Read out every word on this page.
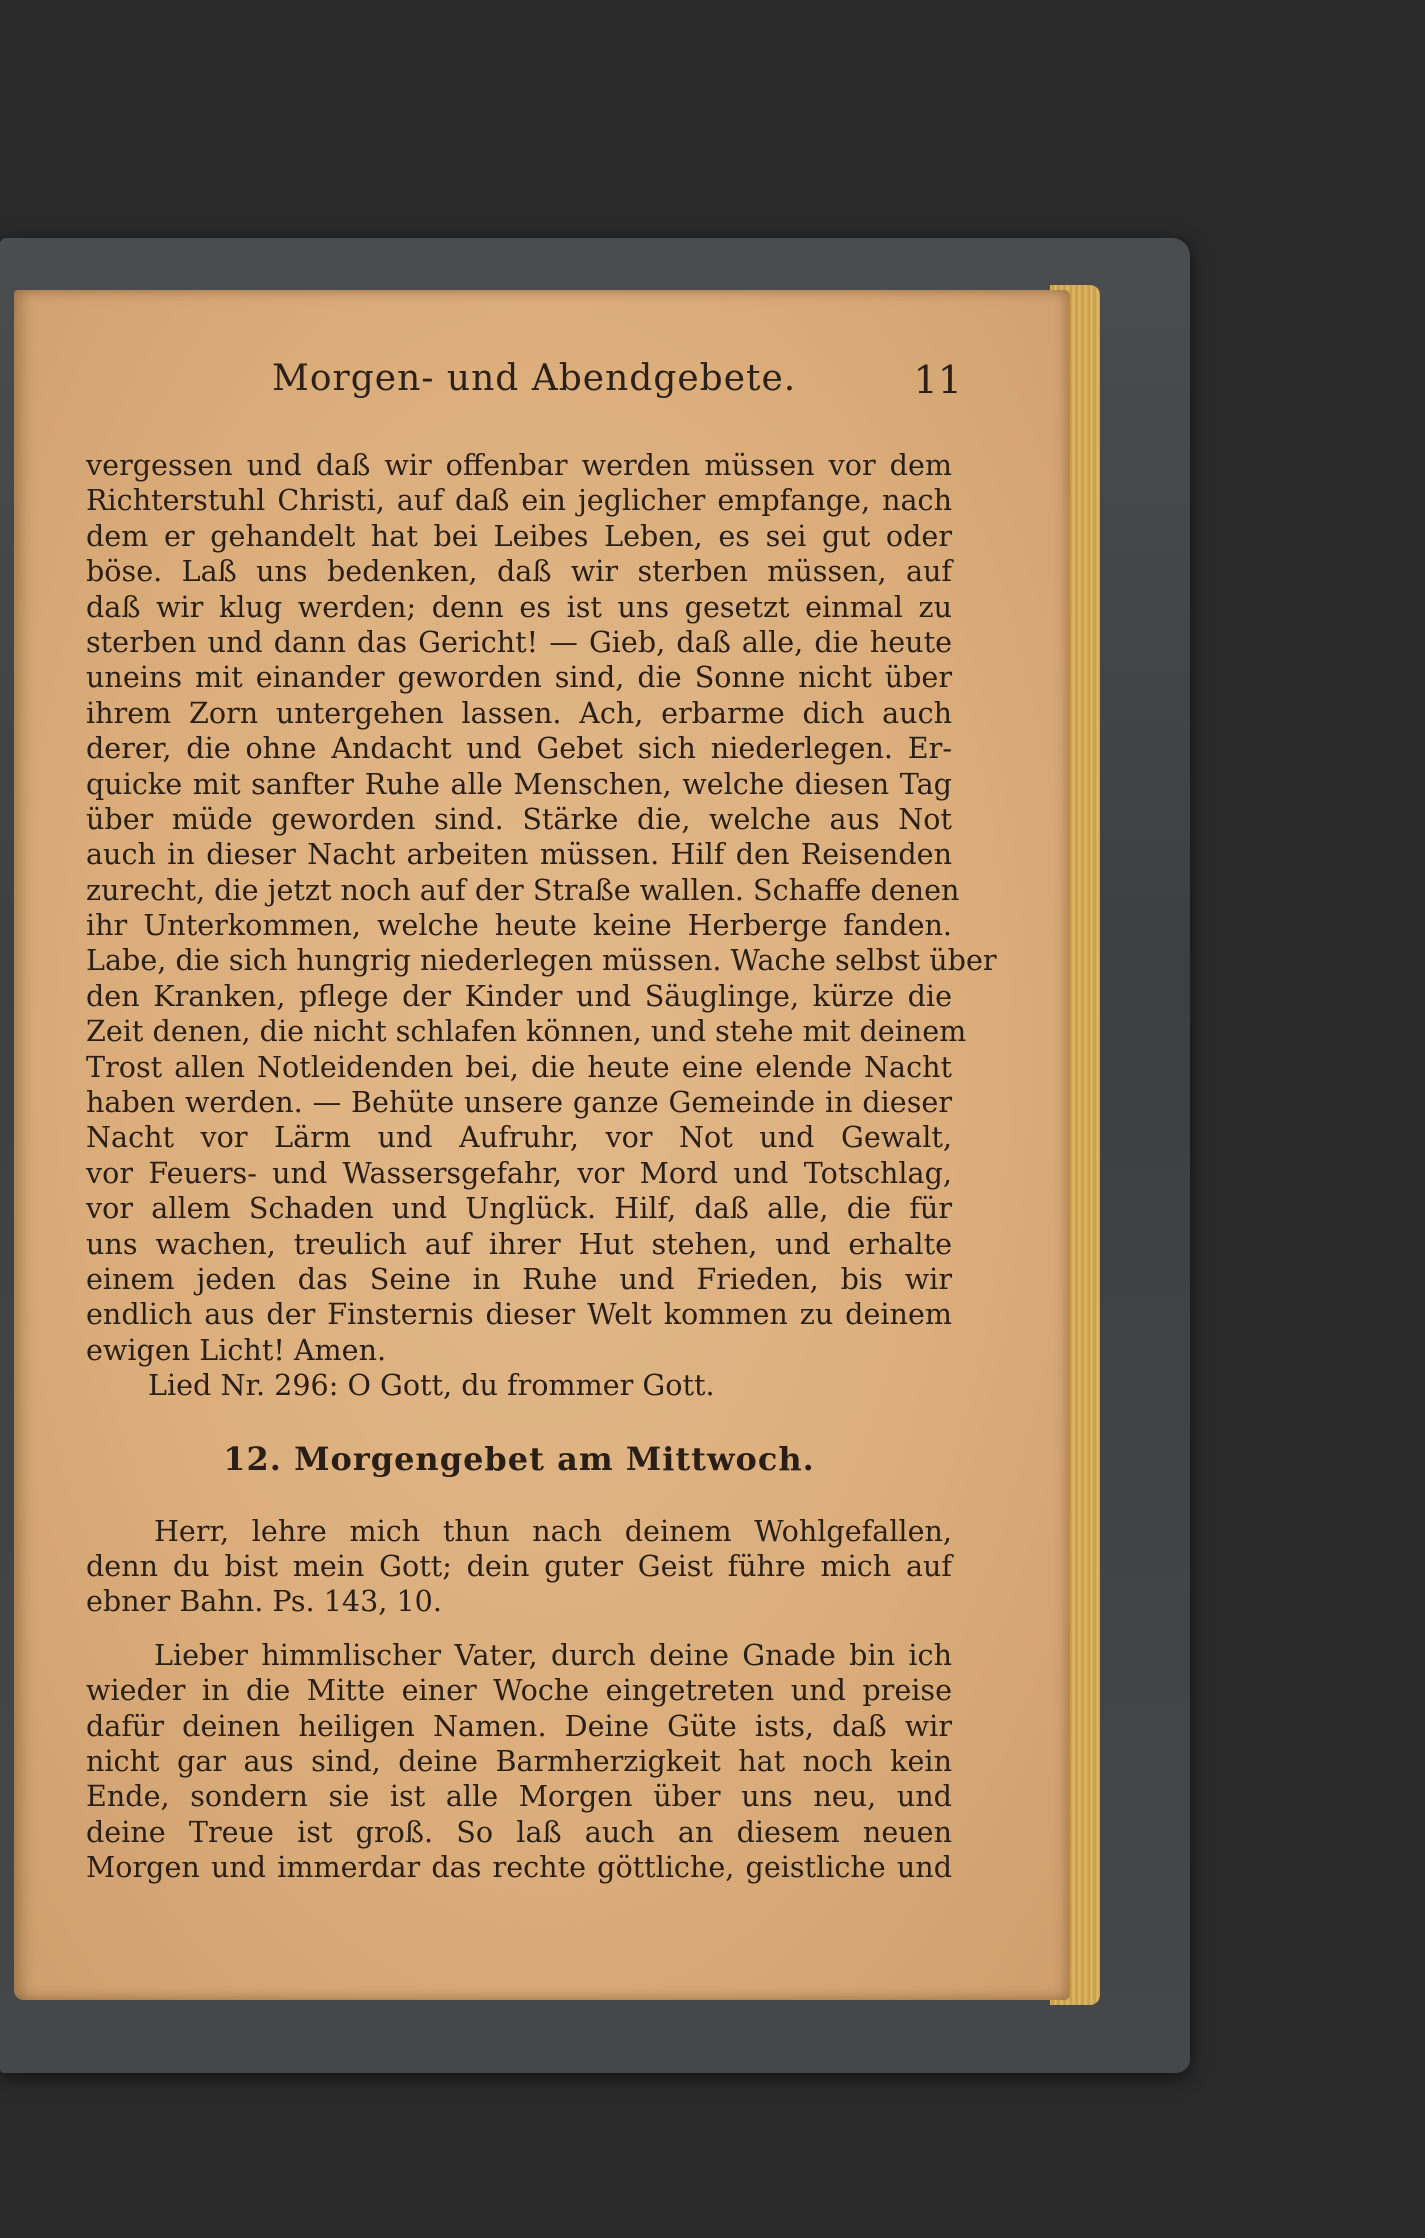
Morgen- und Abendgebete.	11
vergessen und daß wir offenbar werden müssen vor dem
Richterstuhl Christi, auf daß ein jeglicher empfange, nach
dem er gehandelt hat bei Leibes Leben, es sei gut oder
böse. Laß uns bedenken, daß wir sterben müssen, auf
daß wir klug werden; denn es ist uns gesetzt einmal zu
sterben und dann das Gericht! — Gieb, daß alle, die heute
uneins mit einander geworden sind, die Sonne nicht über
ihrem Zorn untergehen lassen. Ach, erbarme dich auch
derer, die ohne Andacht und Gebet sich niederlegen. Er-
quicke mit sanfter Ruhe alle Menschen, welche diesen Tag
über müde geworden sind. Stärke die, welche aus Not
auch in dieser Nacht arbeiten müssen. Hilf den Reisenden
zurecht, die jetzt noch auf der Straße wallen. Schaffe denen
ihr Unterkommen, welche heute keine Herberge fanden.
Labe, die sich hungrig niederlegen müssen. Wache selbst über
den Kranken, pflege der Kinder und Säuglinge, kürze die
Zeit denen, die nicht schlafen können, und stehe mit deinem
Trost allen Notleidenden bei, die heute eine elende Nacht
haben werden. — Behüte unsere ganze Gemeinde in dieser
Nacht vor Lärm und Aufruhr, vor Not und Gewalt,
vor Feuers- und Wassersgefahr, vor Mord und Totschlag,
vor allem Schaden und Unglück. Hilf, daß alle, die für
uns wachen, treulich auf ihrer Hut stehen, und erhalte
einem jeden das Seine in Ruhe und Frieden, bis wir
endlich aus der Finsternis dieser Welt kommen zu deinem
ewigen Licht! Amen.
Lied Nr. 296: O Gott, du frommer Gott.
12. Morgengebet am Mittwoch.
Herr, lehre mich thun nach deinem Wohlgefallen,
denn du bist mein Gott; dein guter Geist führe mich auf
ebner Bahn. Ps. 143, 10.
Lieber himmlischer Vater, durch deine Gnade bin ich
wieder in die Mitte einer Woche eingetreten und preise
dafür deinen heiligen Namen. Deine Güte ists, daß wir
nicht gar aus sind, deine Barmherzigkeit hat noch kein
Ende, sondern sie ist alle Morgen über uns neu, und
deine Treue ist groß. So laß auch an diesem neuen
Morgen und immerdar das rechte göttliche, geistliche und
